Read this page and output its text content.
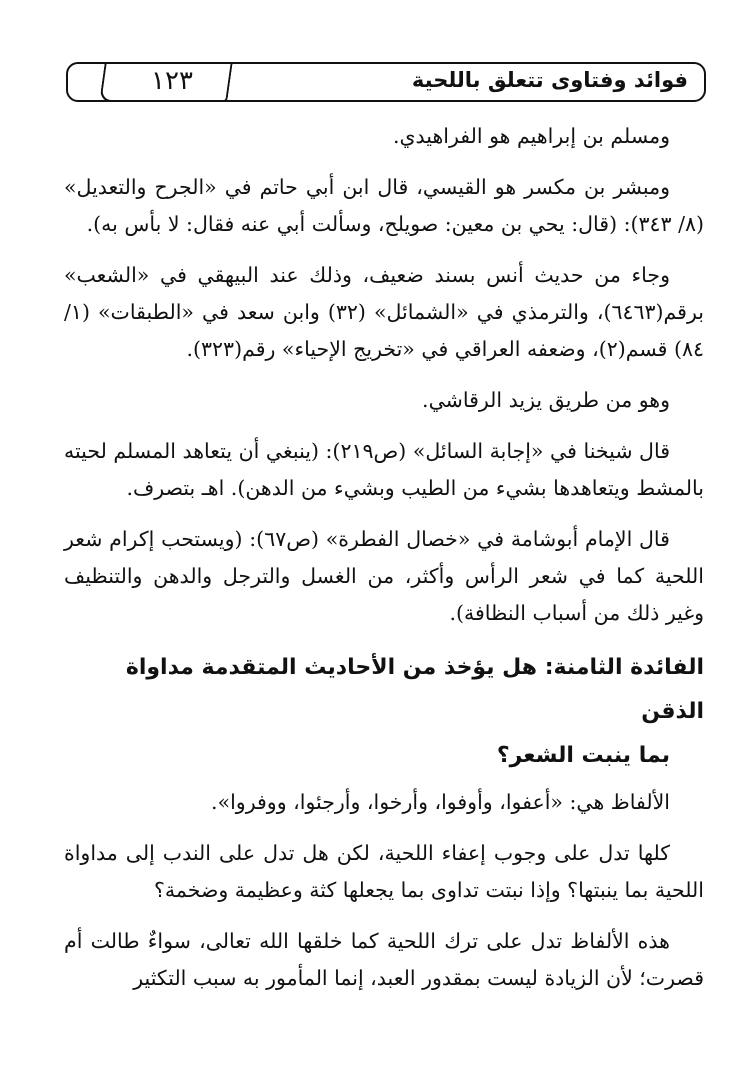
فوائد وفتاوى تتعلق باللحية
١٢٣

ومسلم بن إبراهيم هو الفراهيدي.

ومبشر بن مكسر هو القيسي، قال ابن أبي حاتم في «الجرح والتعديل» (٨/ ٣٤٣): (قال: يحي بن معين: صويلح، وسألت أبي عنه فقال: لا بأس به).

وجاء من حديث أنس بسند ضعيف، وذلك عند البيهقي في «الشعب» برقم(٦٤٦٣)، والترمذي في «الشمائل» (٣٢) وابن سعد في «الطبقات» (١/ ٨٤) قسم(٢)، وضعفه العراقي في «تخريج الإحياء» رقم(٣٢٣).

وهو من طريق يزيد الرقاشي.

قال شيخنا في «إجابة السائل» (ص٢١٩): (ينبغي أن يتعاهد المسلم لحيته بالمشط ويتعاهدها بشيء من الطيب وبشيء من الدهن). اهـ بتصرف.

قال الإمام أبوشامة في «خصال الفطرة» (ص٦٧): (ويستحب إكرام شعر اللحية كما في شعر الرأس وأكثر، من الغسل والترجل والدهن والتنظيف وغير ذلك من أسباب النظافة).

الفائدة الثامنة: هل يؤخذ من الأحاديث المتقدمة مداواة الذقن
بما ينبت الشعر؟

الألفاظ هي: «أعفوا، وأوفوا، وأرخوا، وأرجئوا، ووفروا».

كلها تدل على وجوب إعفاء اللحية، لكن هل تدل على الندب إلى مداواة اللحية بما ينبتها؟ وإذا نبتت تداوى بما يجعلها كثة وعظيمة وضخمة؟

هذه الألفاظ تدل على ترك اللحية كما خلقها الله تعالى، سواءٌ طالت أم قصرت؛ لأن الزيادة ليست بمقدور العبد، إنما المأمور به سبب التكثير
